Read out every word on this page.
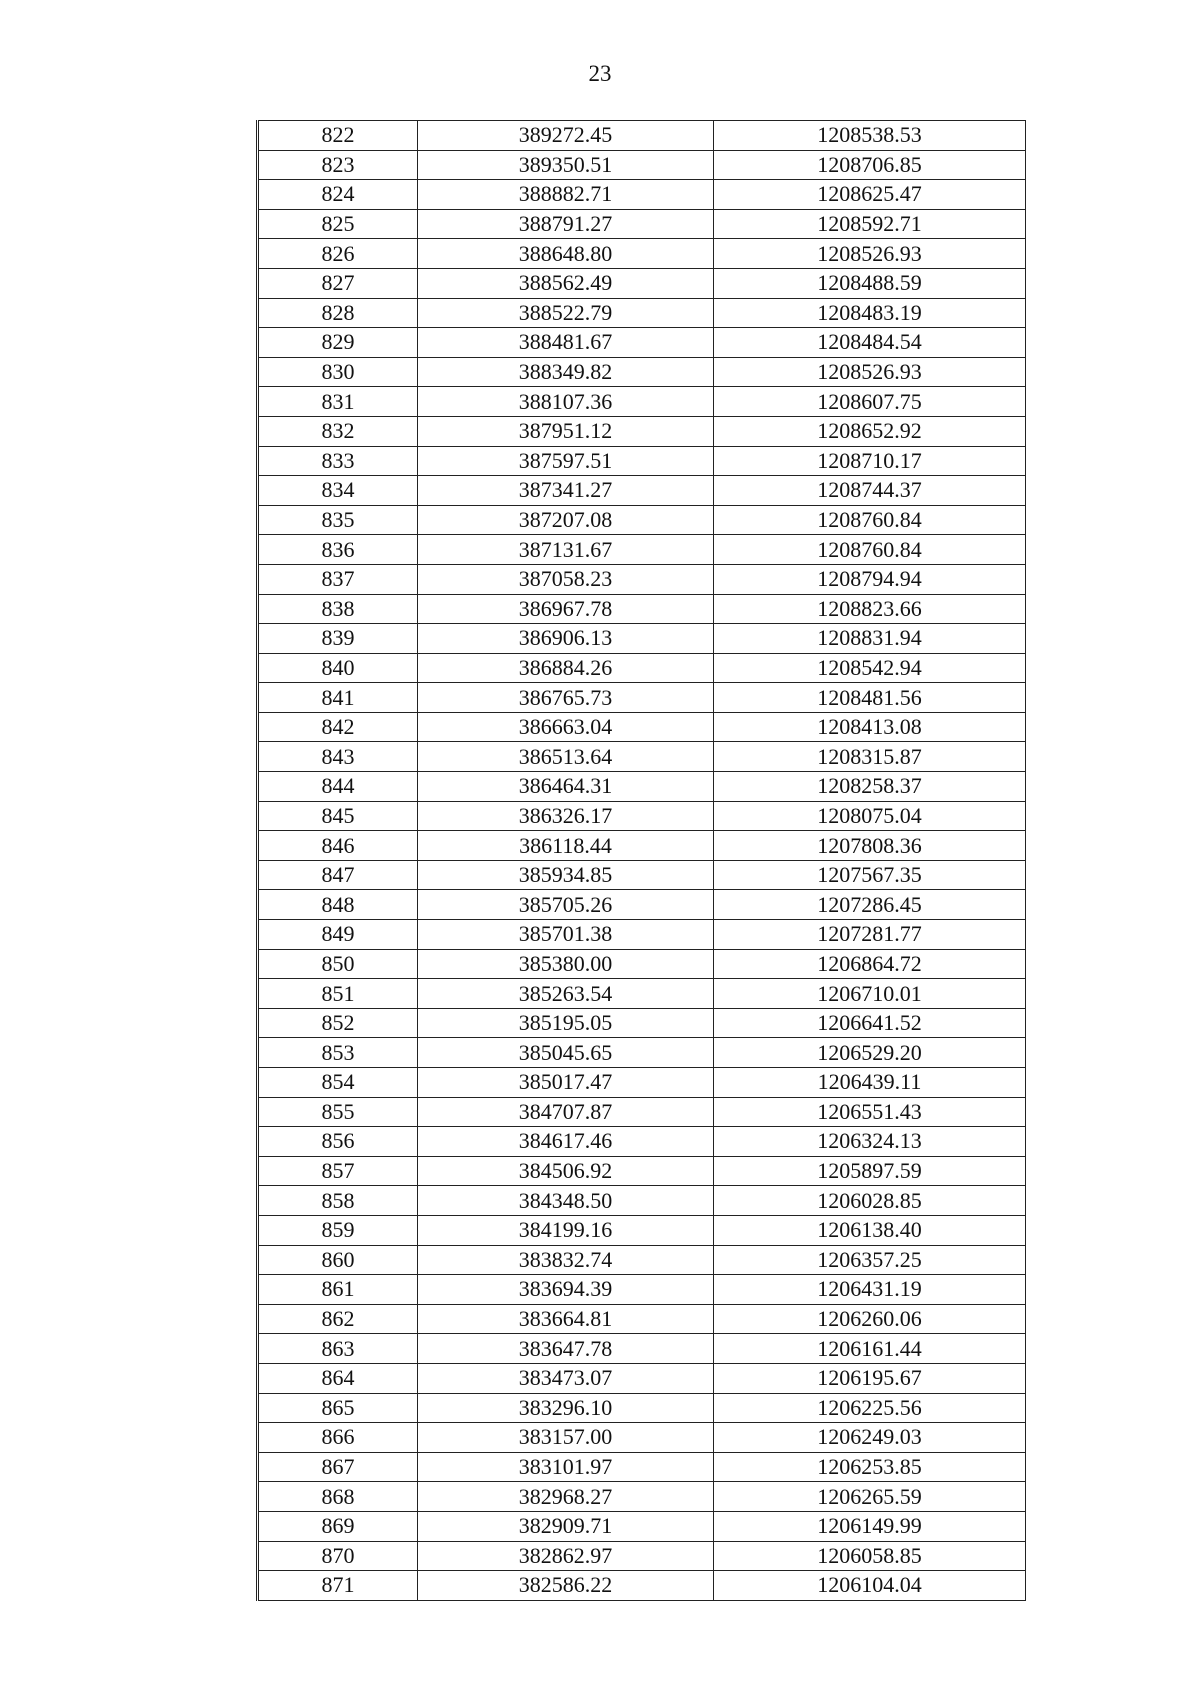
23
822	389272.45	1208538.53
823	389350.51	1208706.85
824	388882.71	1208625.47
825	388791.27	1208592.71
826	388648.80	1208526.93
827	388562.49	1208488.59
828	388522.79	1208483.19
829	388481.67	1208484.54
830	388349.82	1208526.93
831	388107.36	1208607.75
832	387951.12	1208652.92
833	387597.51	1208710.17
834	387341.27	1208744.37
835	387207.08	1208760.84
836	387131.67	1208760.84
837	387058.23	1208794.94
838	386967.78	1208823.66
839	386906.13	1208831.94
840	386884.26	1208542.94
841	386765.73	1208481.56
842	386663.04	1208413.08
843	386513.64	1208315.87
844	386464.31	1208258.37
845	386326.17	1208075.04
846	386118.44	1207808.36
847	385934.85	1207567.35
848	385705.26	1207286.45
849	385701.38	1207281.77
850	385380.00	1206864.72
851	385263.54	1206710.01
852	385195.05	1206641.52
853	385045.65	1206529.20
854	385017.47	1206439.11
855	384707.87	1206551.43
856	384617.46	1206324.13
857	384506.92	1205897.59
858	384348.50	1206028.85
859	384199.16	1206138.40
860	383832.74	1206357.25
861	383694.39	1206431.19
862	383664.81	1206260.06
863	383647.78	1206161.44
864	383473.07	1206195.67
865	383296.10	1206225.56
866	383157.00	1206249.03
867	383101.97	1206253.85
868	382968.27	1206265.59
869	382909.71	1206149.99
870	382862.97	1206058.85
871	382586.22	1206104.04
